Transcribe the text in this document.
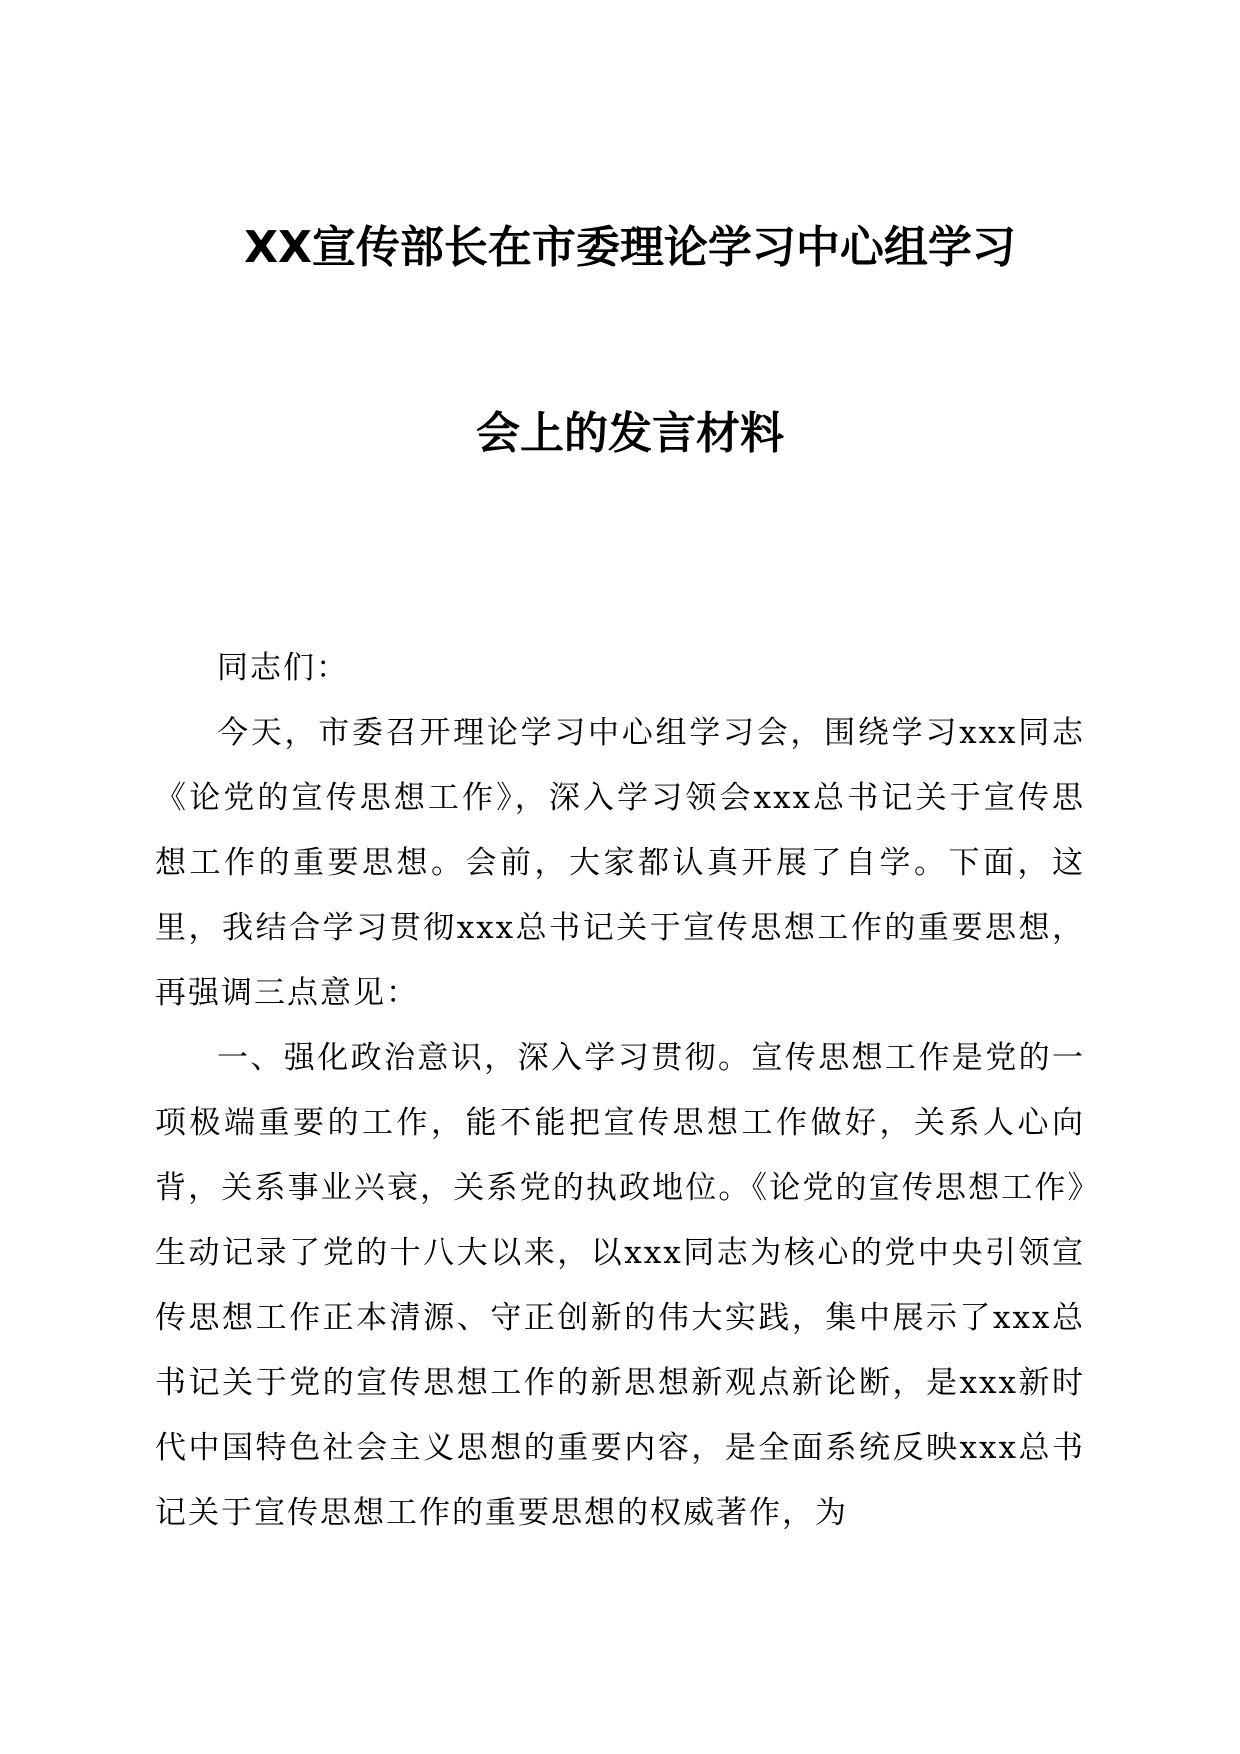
XX宣传部长在市委理论学习中心组学习
会上的发言材料

同志们：

今天，市委召开理论学习中心组学习会，围绕学习xxx同志《论党的宣传思想工作》，深入学习领会xxx总书记关于宣传思想工作的重要思想。会前，大家都认真开展了自学。下面，这里，我结合学习贯彻xxx总书记关于宣传思想工作的重要思想，再强调三点意见：

一、强化政治意识，深入学习贯彻。宣传思想工作是党的一项极端重要的工作，能不能把宣传思想工作做好，关系人心向背，关系事业兴衰，关系党的执政地位。《论党的宣传思想工作》生动记录了党的十八大以来，以xxx同志为核心的党中央引领宣传思想工作正本清源、守正创新的伟大实践，集中展示了xxx总书记关于党的宣传思想工作的新思想新观点新论断，是xxx新时代中国特色社会主义思想的重要内容，是全面系统反映xxx总书记关于宣传思想工作的重要思想的权威著作，为
